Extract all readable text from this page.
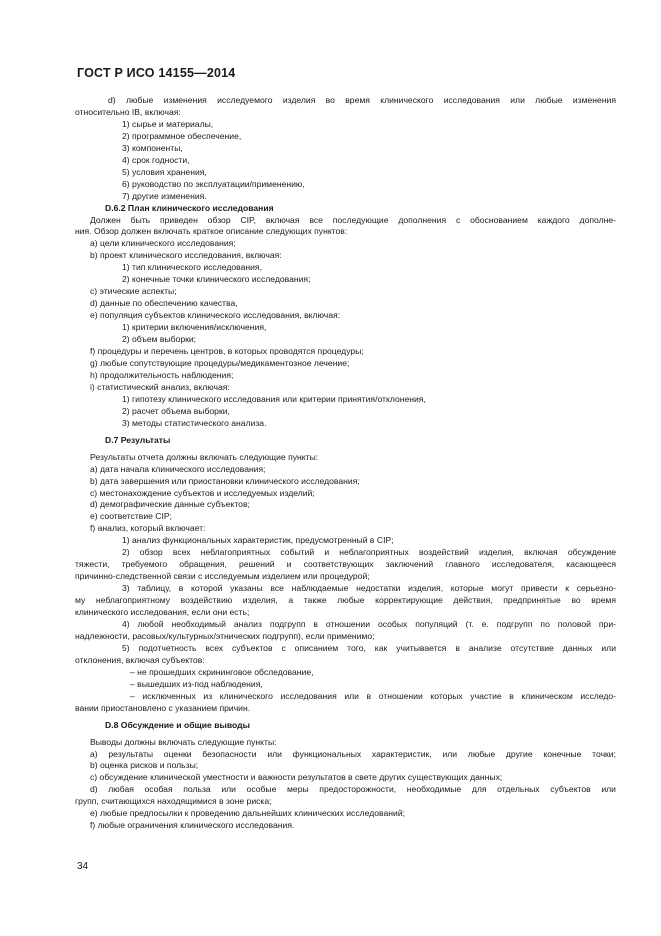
ГОСТ Р ИСО 14155—2014
d) любые изменения исследуемого изделия во время клинического исследования или любые изменения
относительно IB, включая:
1) сырье и материалы,
2) программное обеспечение,
3) компоненты,
4) срок годности,
5) условия хранения,
6) руководство по эксплуатации/применению,
7) другие изменения.
D.6.2 План клинического исследования
Должен быть приведен обзор CIP, включая все последующие дополнения с обоснованием каждого дополне-
ния. Обзор должен включать краткое описание следующих пунктов:
a) цели клинического исследования;
b) проект клинического исследования, включая:
1) тип клинического исследования,
2) конечные точки клинического исследования;
c) этические аспекты;
d) данные по обеспечению качества,
e) популяция субъектов клинического исследования, включая:
1) критерии включения/исключения,
2) объем выборки;
f) процедуры и перечень центров, в которых проводятся процедуры;
g) любые сопутствующие процедуры/медикаментозное лечение;
h) продолжительность наблюдения;
i) статистический анализ, включая:
1) гипотезу клинического исследования или критерии принятия/отклонения,
2) расчет объема выборки,
3) методы статистического анализа.
D.7 Результаты
Результаты отчета должны включать следующие пункты:
a) дата начала клинического исследования;
b) дата завершения или приостановки клинического исследования;
c) местонахождение субъектов и исследуемых изделий;
d) демографические данные субъектов;
e) соответствие CIP;
f) анализ, который включает:
1) анализ функциональных характеристик, предусмотренный в CIP;
2) обзор всех неблагоприятных событий и неблагоприятных воздействий изделия, включая обсуждение
тяжести, требуемого обращения, решений и соответствующих заключений главного исследователя, касающееся
причинно-следственной связи с исследуемым изделием или процедурой;
3) таблицу, в которой указаны все наблюдаемые недостатки изделия, которые могут привести к серьезно-
му неблагоприятному воздействию изделия, а также любые корректирующие действия, предпринятые во время
клинического исследования, если они есть;
4) любой необходимый анализ подгрупп в отношении особых популяций (т. е. подгрупп по половой при-
надлежности, расовых/культурных/этнических подгрупп), если применимо;
5) подотчетность всех субъектов с описанием того, как учитывается в анализе отсутствие данных или
отклонения, включая субъектов:
– не прошедших скрининговое обследование,
– вышедших из-под наблюдения,
– исключенных из клинического исследования или в отношении которых участие в клиническом исследо-
вании приостановлено с указанием причин.
D.8 Обсуждение и общие выводы
Выводы должны включать следующие пункты:
a) результаты оценки безопасности или функциональных характеристик, или любые другие конечные точки;
b) оценка рисков и пользы;
c) обсуждение клинической уместности и важности результатов в свете других существующих данных;
d) любая особая польза или особые меры предосторожности, необходимые для отдельных субъектов или
групп, считающихся находящимися в зоне риска;
e) любые предпосылки к проведению дальнейших клинических исследований;
f) любые ограничения клинического исследования.
34
